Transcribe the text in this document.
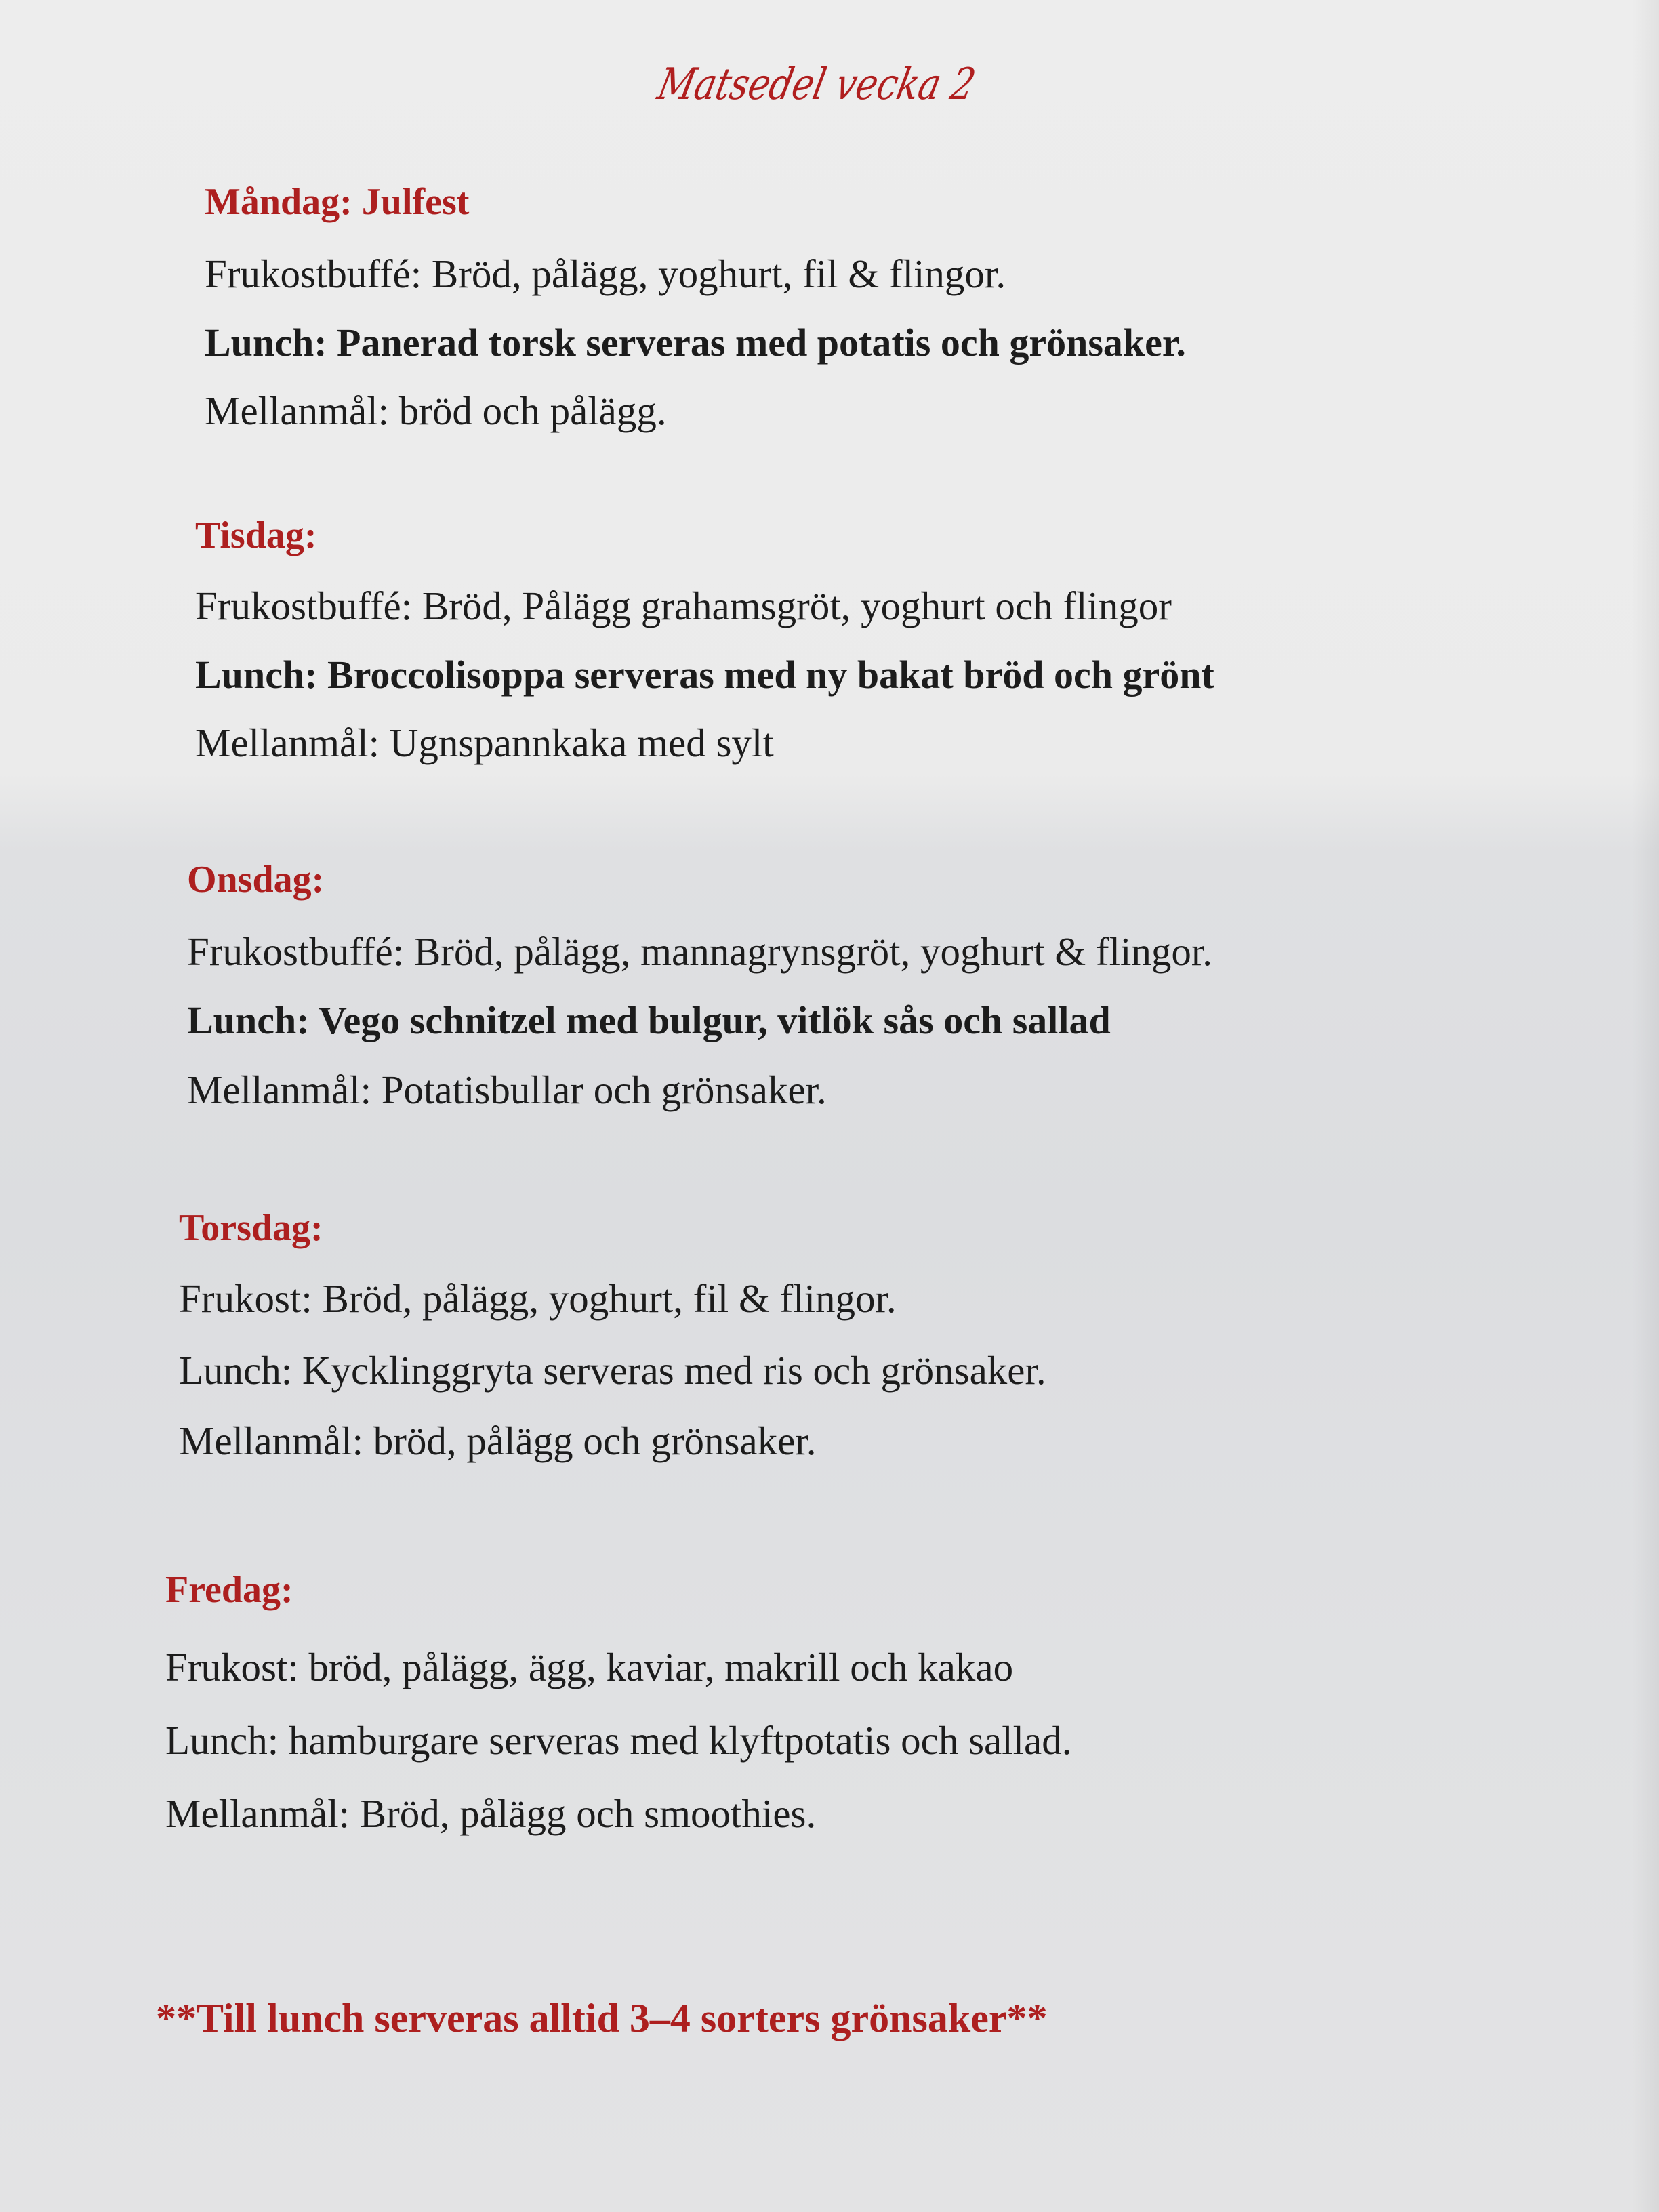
Matsedel vecka 2
Måndag: Julfest

Frukostbuffé: Bröd, pålägg, yoghurt, fil & flingor.

Lunch: Panerad torsk serveras med potatis och grönsaker.

Mellanmål: bröd och pålägg.

Tisdag:

Frukostbuffé: Bröd, Pålägg grahamsgröt, yoghurt och flingor

Lunch: Broccolisoppa serveras med ny bakat bröd och grönt

Mellanmål: Ugnspannkaka med sylt

Onsdag:

Frukostbuffé: Bröd, pålägg, mannagrynsgröt, yoghurt & flingor.

Lunch: Vego schnitzel med bulgur, vitlök sås och sallad

Mellanmål: Potatisbullar och grönsaker.

Torsdag:

Frukost: Bröd, pålägg, yoghurt, fil & flingor.

Lunch: Kycklinggryta serveras med ris och grönsaker.

Mellanmål: bröd, pålägg och grönsaker.

Fredag:

Frukost: bröd, pålägg, ägg, kaviar, makrill och kakao

Lunch: hamburgare serveras med klyftpotatis och sallad.

Mellanmål: Bröd, pålägg och smoothies.

**Till lunch serveras alltid 3–4 sorters grönsaker**
